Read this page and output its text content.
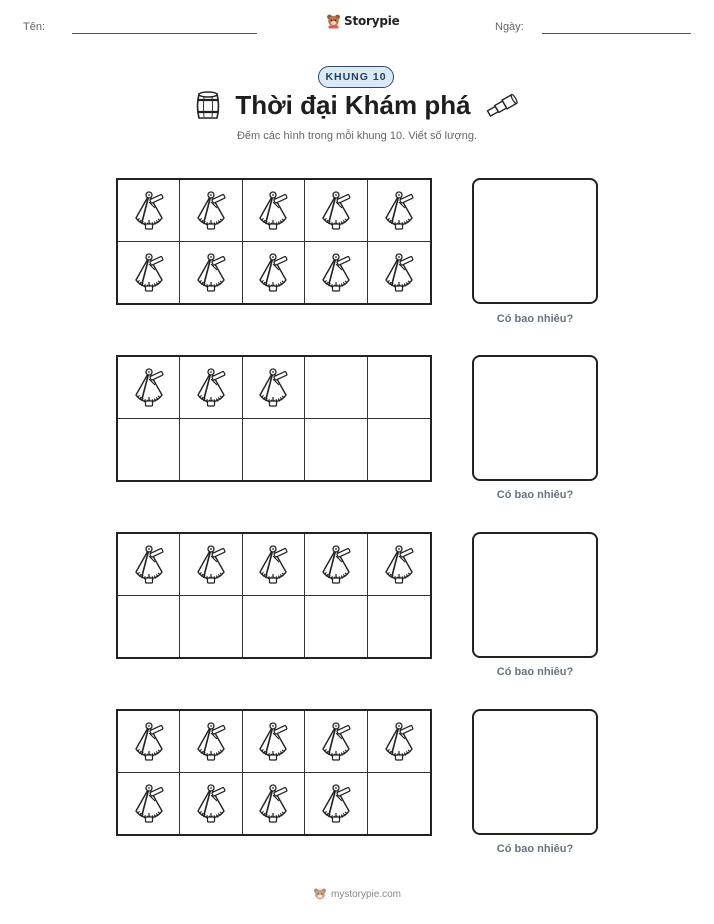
Tên:	Storypie	Ngày:
KHUNG 10
Thời đại Khám phá
Đếm các hình trong mỗi khung 10. Viết số lượng.
Có bao nhiêu?
Có bao nhiêu?
Có bao nhiêu?
Có bao nhiêu?
mystorypie.com
